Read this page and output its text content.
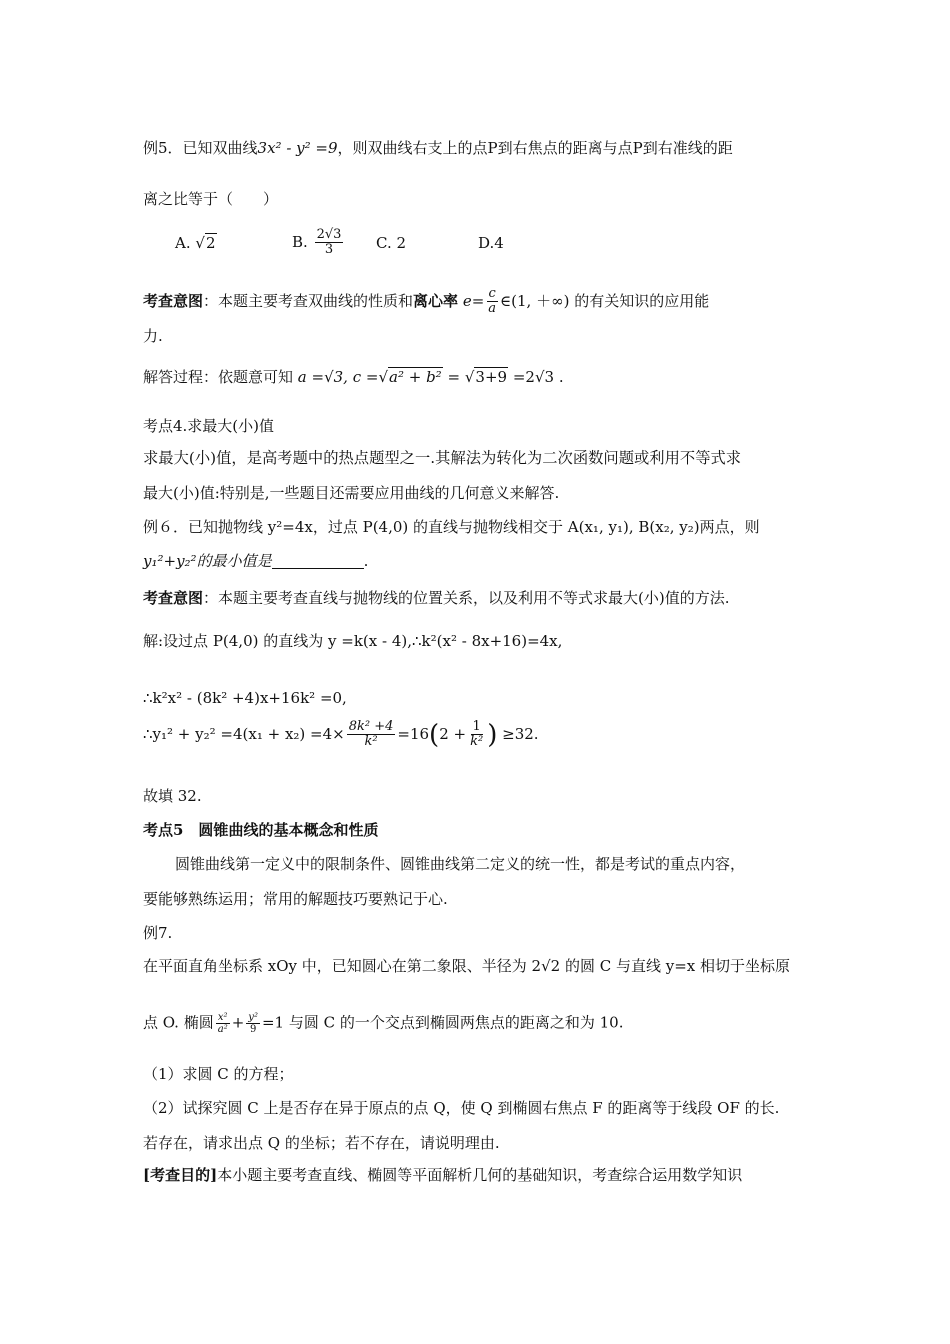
例5．已知双曲线3x² - y² =9，则双曲线右支上的点P到右焦点的距离与点P到右准线的距
离之比等于（　　）
A. √2	B. $\frac{2√3}{3} C$. 2	D.4
考查意图：本题主要考查双曲线的性质和离心率 $e= \frac{c}{a}$ ∈(1, ＋∞) 的有关知识的应用能
力.
解答过程：依题意可知 a =√3, c =√a² + b² = √3+9 =2√3 .
考点4.求最大(小)值
求最大(小)值，是高考题中的热点题型之一.其解法为转化为二次函数问题或利用不等式求
最大(小)值:特别是,一些题目还需要应用曲线的几何意义来解答.
例６．已知抛物线 y²=4x，过点 P(4,0) 的直线与抛物线相交于 A(x₁, y₁), B(x₂, y₂)两点，则
y₁²+y₂²的最小值是	.
考查意图：本题主要考查直线与抛物线的位置关系，以及利用不等式求最大(小)值的方法.
解:设过点 P(4,0) 的直线为 y =k(x - 4),∴k²(x² - 8x+16)=4x,
∴k²x² - (8k² +4)x+16k² =0,
∴y₁² + $y_2^2 =4(x_1 + x_2) =4\times \frac{\text{8k² +4}}{\text{k²}} =16(2 + \frac{1}{\text{k²}}$ ) ≥32.
故填 32.
考点5　圆锥曲线的基本概念和性质
圆锥曲线第一定义中的限制条件、圆锥曲线第二定义的统一性，都是考试的重点内容，
要能够熟练运用；常用的解题技巧要熟记于心.
例7.
在平面直角坐标系 xOy 中，已知圆心在第二象限、半径为 2√2 的圆 C 与直线 y=x 相切于坐标原
点 O. 椭圆 $\frac{\text{x²}}{\text{a²}} + \frac{\text{y²}}{9} =1$ 与圆 C 的一个交点到椭圆两焦点的距离之和为 10.
（1）求圆 C 的方程；
（2）试探究圆 C 上是否存在异于原点的点 Q，使 Q 到椭圆右焦点 F 的距离等于线段 OF 的长.
若存在，请求出点 Q 的坐标；若不存在，请说明理由.
[考查目的]本小题主要考查直线、椭圆等平面解析几何的基础知识，考查综合运用数学知识
